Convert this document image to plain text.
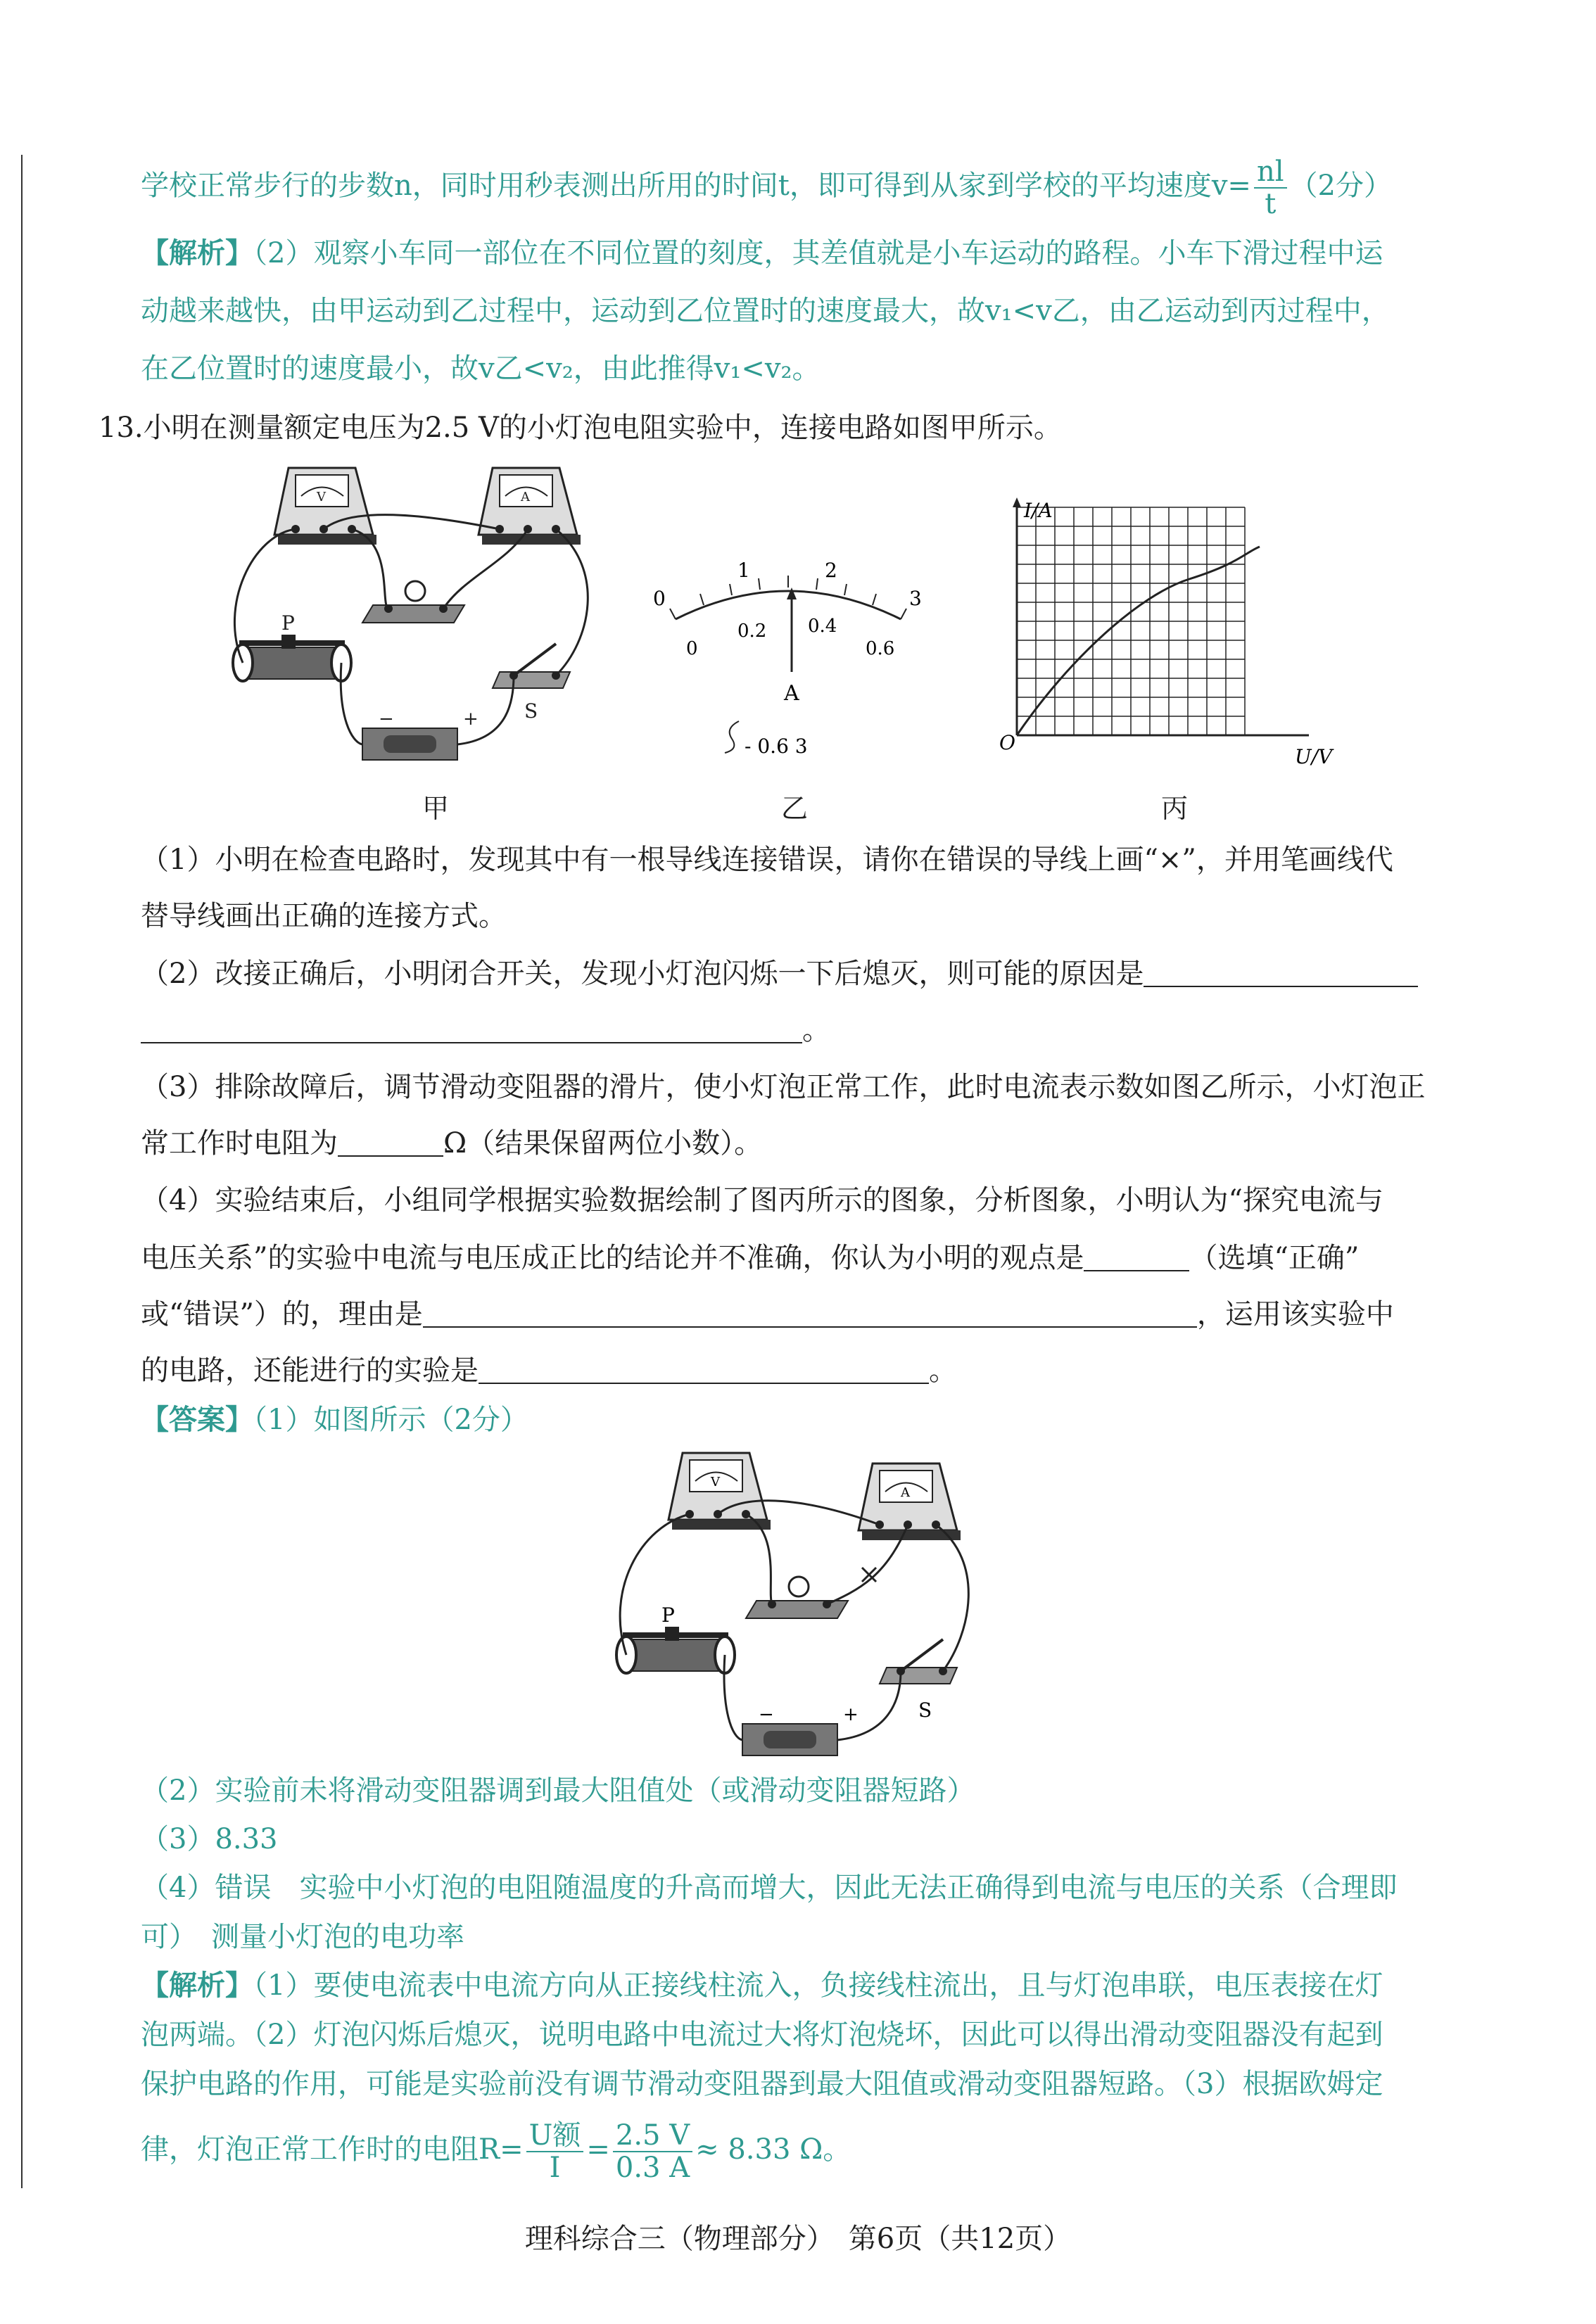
学校正常步行的步数n，同时用秒表测出所用的时间t，即可得到从家到学校的平均速度$v= \frac{nl}{t} (2$分）
【解析】（2）观察小车同一部位在不同位置的刻度，其差值就是小车运动的路程。小车下滑过程中运
动越来越快，由甲运动到乙过程中，运动到乙位置时的速度最大，故v₁<v乙，由乙运动到丙过程中，
在乙位置时的速度最小，故v乙<v₂，由此推得v₁<v₂。
13.小明在测量额定电压为2.5 V的小灯泡电阻实验中，连接电路如图甲所示。
V	A
P
−	+ S
甲
0
1	2
3
0
0.2 0.4
0.6
A
- 0.6 3
乙
I/A
U/V
O
丙
（1）小明在检查电路时，发现其中有一根导线连接错误，请你在错误的导线上画“×”，并用笔画线代
替导线画出正确的连接方式。
（2）改接正确后，小明闭合开关，发现小灯泡闪烁一下后熄灭，则可能的原因是
。
（3）排除故障后，调节滑动变阻器的滑片，使小灯泡正常工作，此时电流表示数如图乙所示，小灯泡正
常工作时电阻为	Ω（结果保留两位小数）。
（4）实验结束后，小组同学根据实验数据绘制了图丙所示的图象，分析图象，小明认为“探究电流与
电压关系”的实验中电流与电压成正比的结论并不准确，你认为小明的观点是	（选填“正确”
或“错误”）的，理由是	，运用该实验中
的电路，还能进行的实验是	。
【答案】（1）如图所示（2分）
V
A
P
−	+	S
（2）实验前未将滑动变阻器调到最大阻值处（或滑动变阻器短路）
（3）8.33
（4）错误　实验中小灯泡的电阻随温度的升高而增大，因此无法正确得到电流与电压的关系（合理即
可）　测量小灯泡的电功率
【解析】（1）要使电流表中电流方向从正接线柱流入，负接线柱流出，且与灯泡串联，电压表接在灯
泡两端。（2）灯泡闪烁后熄灭，说明电路中电流过大将灯泡烧坏，因此可以得出滑动变阻器没有起到
保护电路的作用，可能是实验前没有调节滑动变阻器到最大阻值或滑动变阻器短路。（3）根据欧姆定
律，灯泡正常工作时的电阻$R= \frac{\text{U额}}{I} = \frac{2.5 V}{0.3 A} \approx 8.33$ Ω。
理科综合三（物理部分）　第6页（共12页）
